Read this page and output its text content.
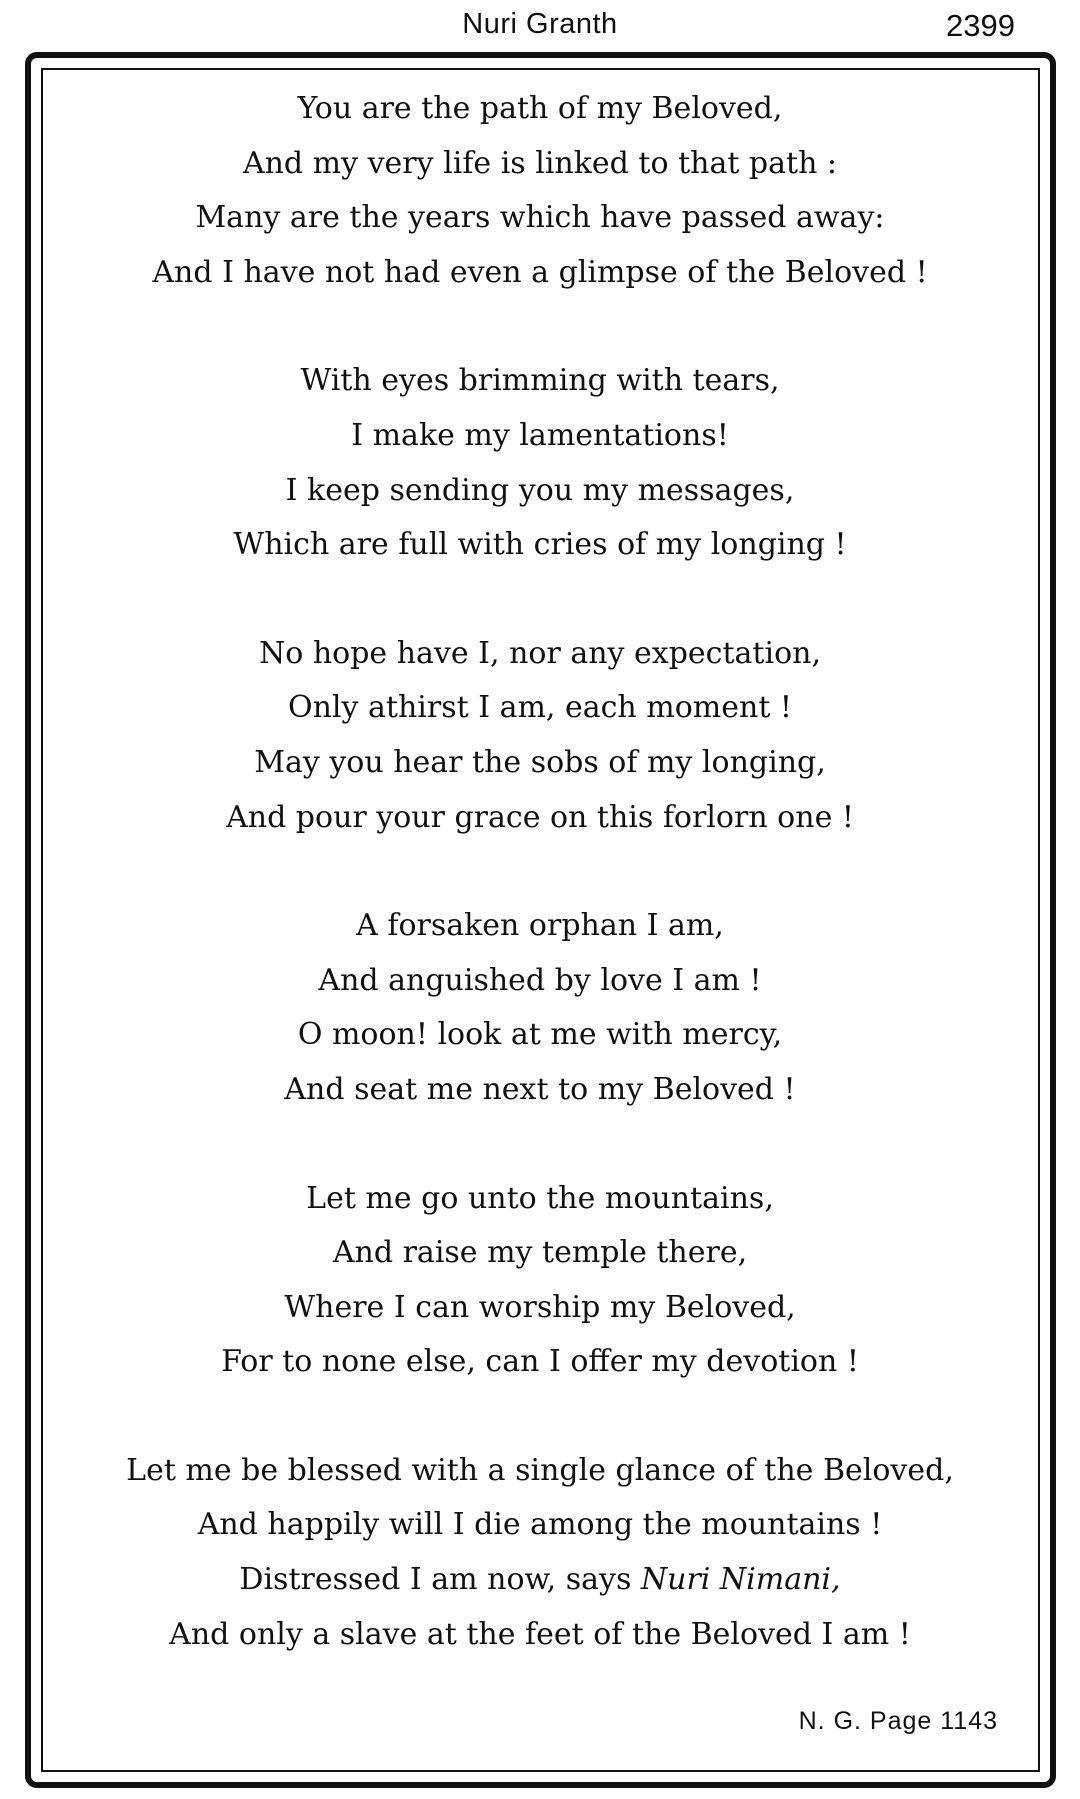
Nuri Granth	2399
You are the path of my Beloved,
And my very life is linked to that path :
Many are the years which have passed away:
And I have not had even a glimpse of the Beloved !
With eyes brimming with tears,
I make my lamentations!
I keep sending you my messages,
Which are full with cries of my longing !
No hope have I, nor any expectation,
Only athirst I am, each moment !
May you hear the sobs of my longing,
And pour your grace on this forlorn one !
A forsaken orphan I am,
And anguished by love I am !
O moon! look at me with mercy,
And seat me next to my Beloved !
Let me go unto the mountains,
And raise my temple there,
Where I can worship my Beloved,
For to none else, can I offer my devotion !
Let me be blessed with a single glance of the Beloved,
And happily will I die among the mountains !
Distressed I am now, says Nuri Nimani,
And only a slave at the feet of the Beloved I am !
N. G. Page 1143
